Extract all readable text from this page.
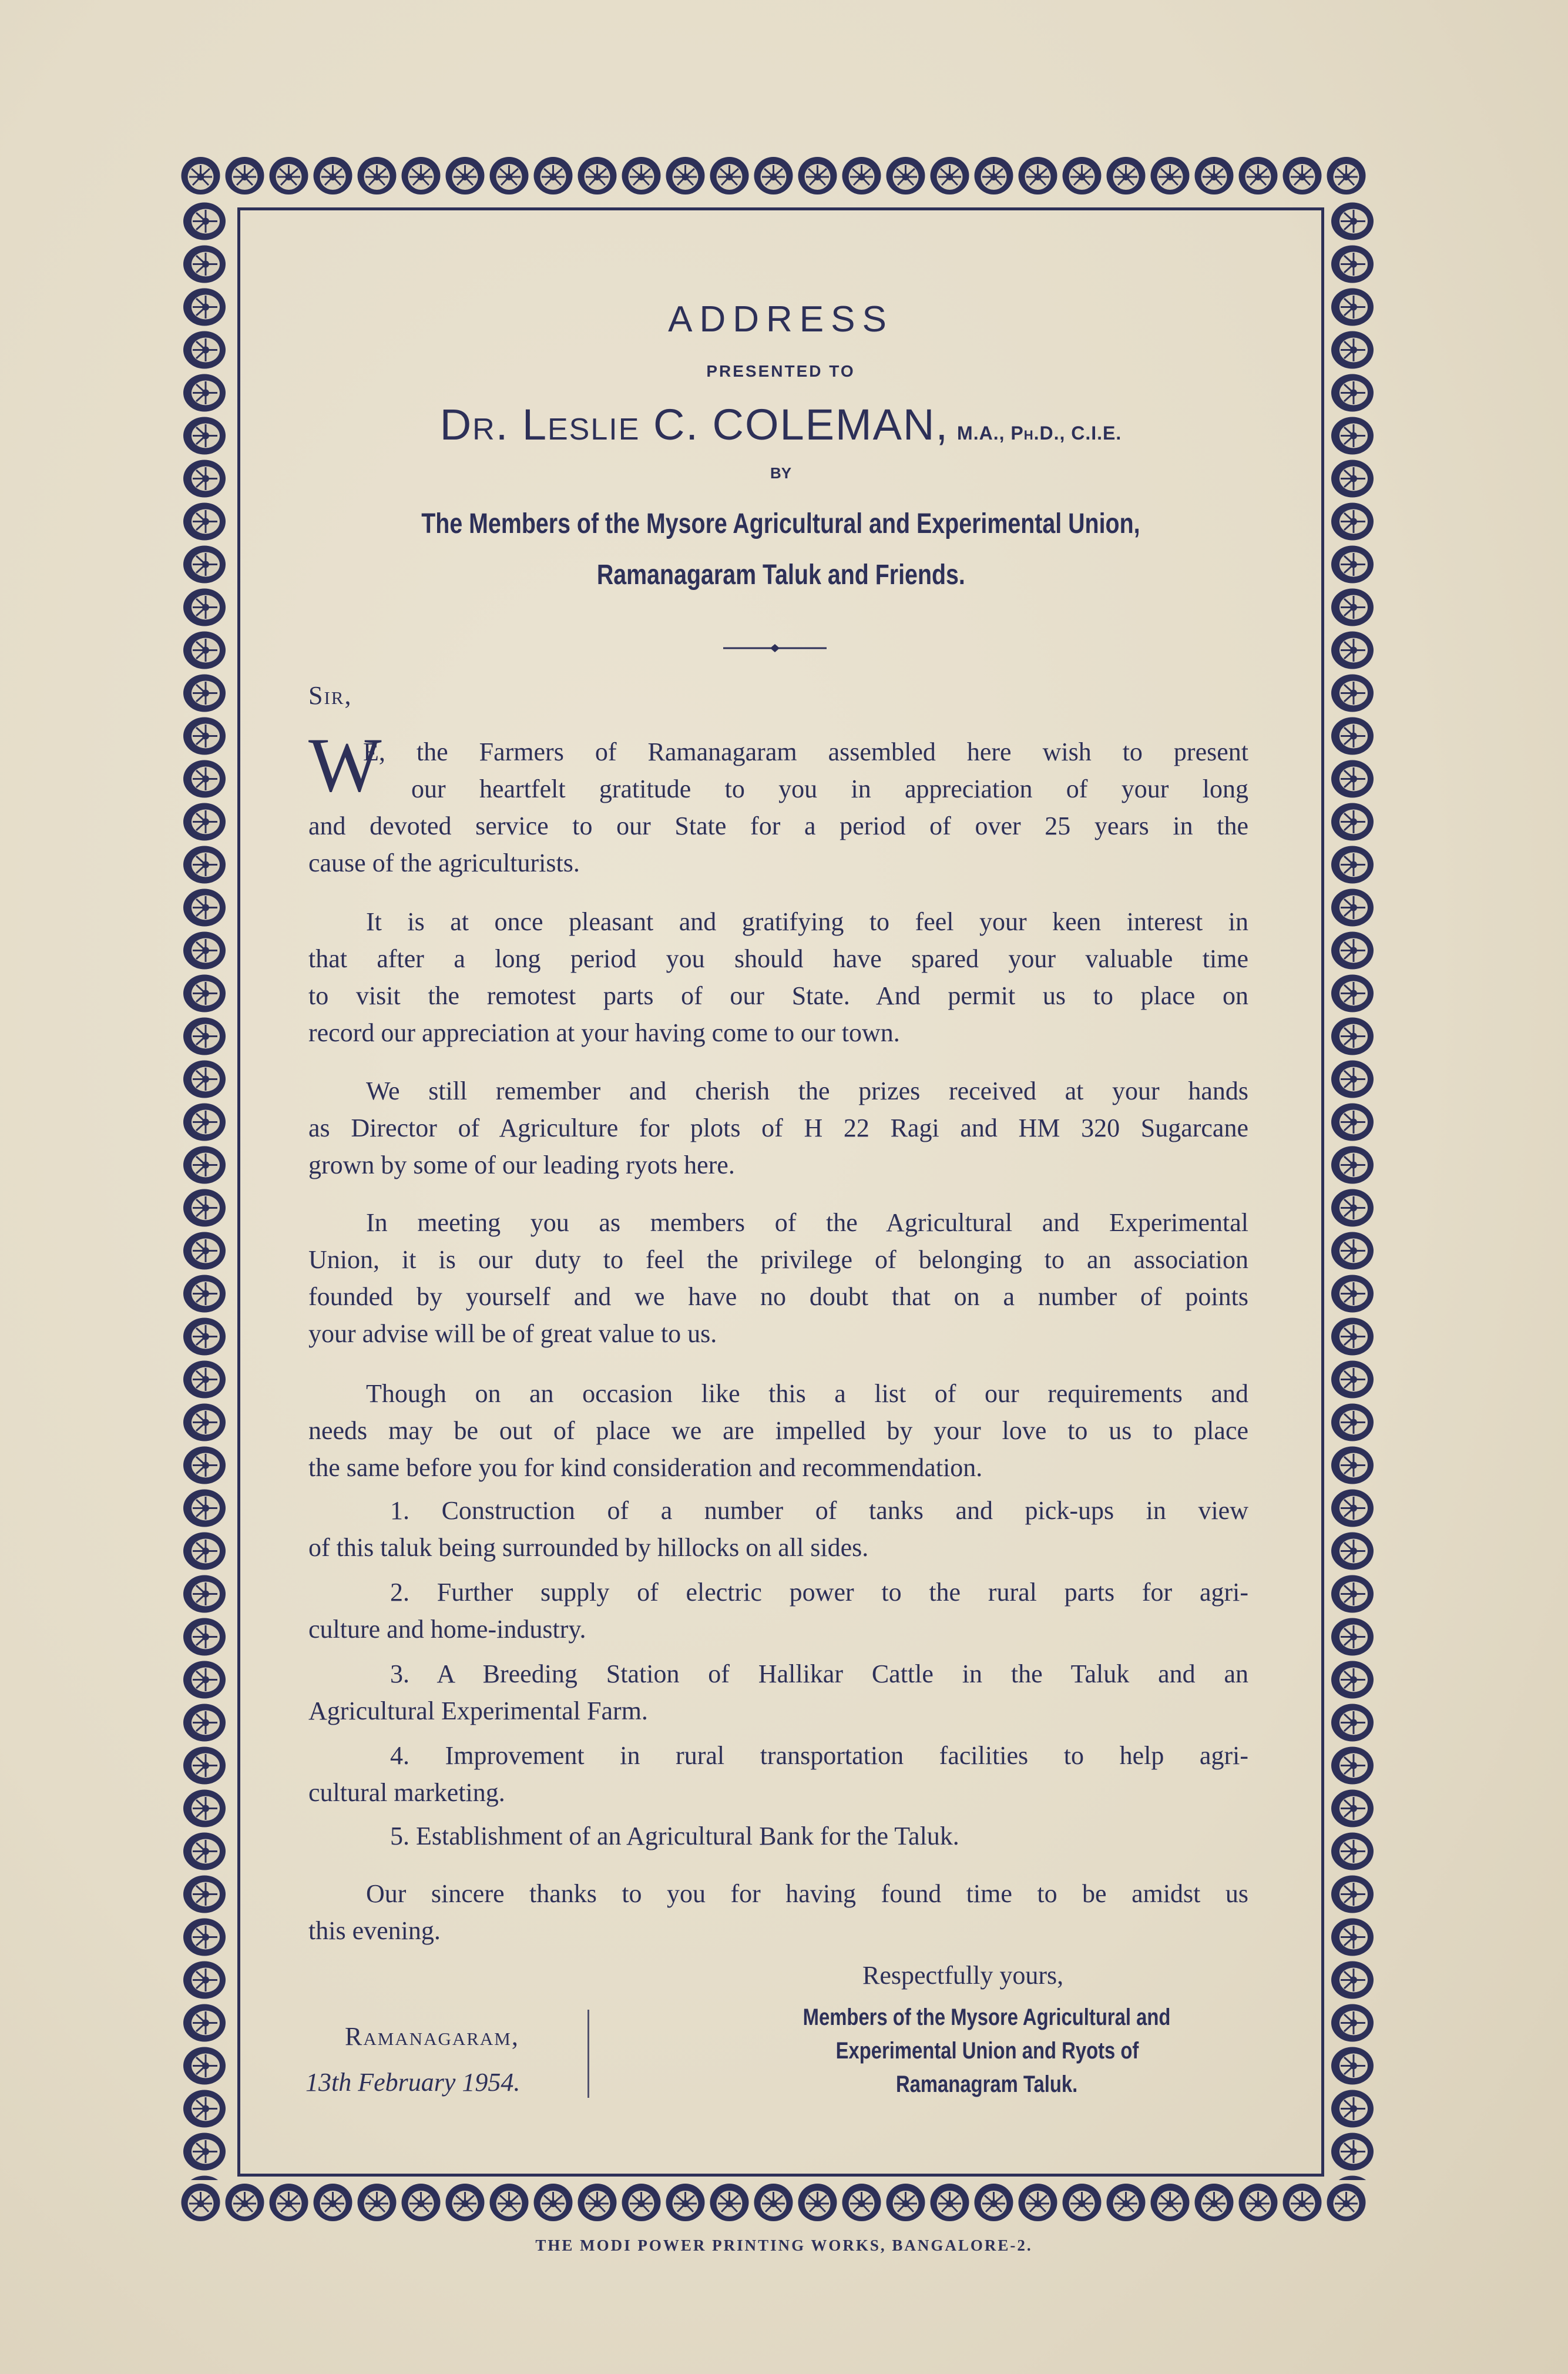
ADDRESS
PRESENTED TO
Dr. Leslie C. COLEMAN, M.A., Ph.D., C.I.E.
BY
The Members of the Mysore Agricultural and Experimental Union,
Ramanagaram Taluk and Friends.
Sir,
W
E, the Farmers of Ramanagaram assembled here wish to present
our heartfelt gratitude to you in appreciation of your long
and devoted service to our State for a period of over 25 years in the
cause of the agriculturists.
It is at once pleasant and gratifying to feel your keen interest in
that after a long period you should have spared your valuable time
to visit the remotest parts of our State. And permit us to place on
record our appreciation at your having come to our town.
We still remember and cherish the prizes received at your hands
as Director of Agriculture for plots of H 22 Ragi and HM 320 Sugarcane
grown by some of our leading ryots here.
In meeting you as members of the Agricultural and Experimental
Union, it is our duty to feel the privilege of belonging to an association
founded by yourself and we have no doubt that on a number of points
your advise will be of great value to us.
Though on an occasion like this a list of our requirements and
needs may be out of place we are impelled by your love to us to place
the same before you for kind consideration and recommendation.
1. Construction of a number of tanks and pick-ups in view
of this taluk being surrounded by hillocks on all sides.
2. Further supply of electric power to the rural parts for agri-
culture and home-industry.
3. A Breeding Station of Hallikar Cattle in the Taluk and an
Agricultural Experimental Farm.
4. Improvement in rural transportation facilities to help agri-
cultural marketing.
5. Establishment of an Agricultural Bank for the Taluk.
Our sincere thanks to you for having found time to be amidst us
this evening.
Respectfully yours,
Members of the Mysore Agricultural and
Experimental Union and Ryots of
Ramanagram Taluk.
Ramanagaram,
13th February 1954.
THE MODI POWER PRINTING WORKS, BANGALORE-2.
